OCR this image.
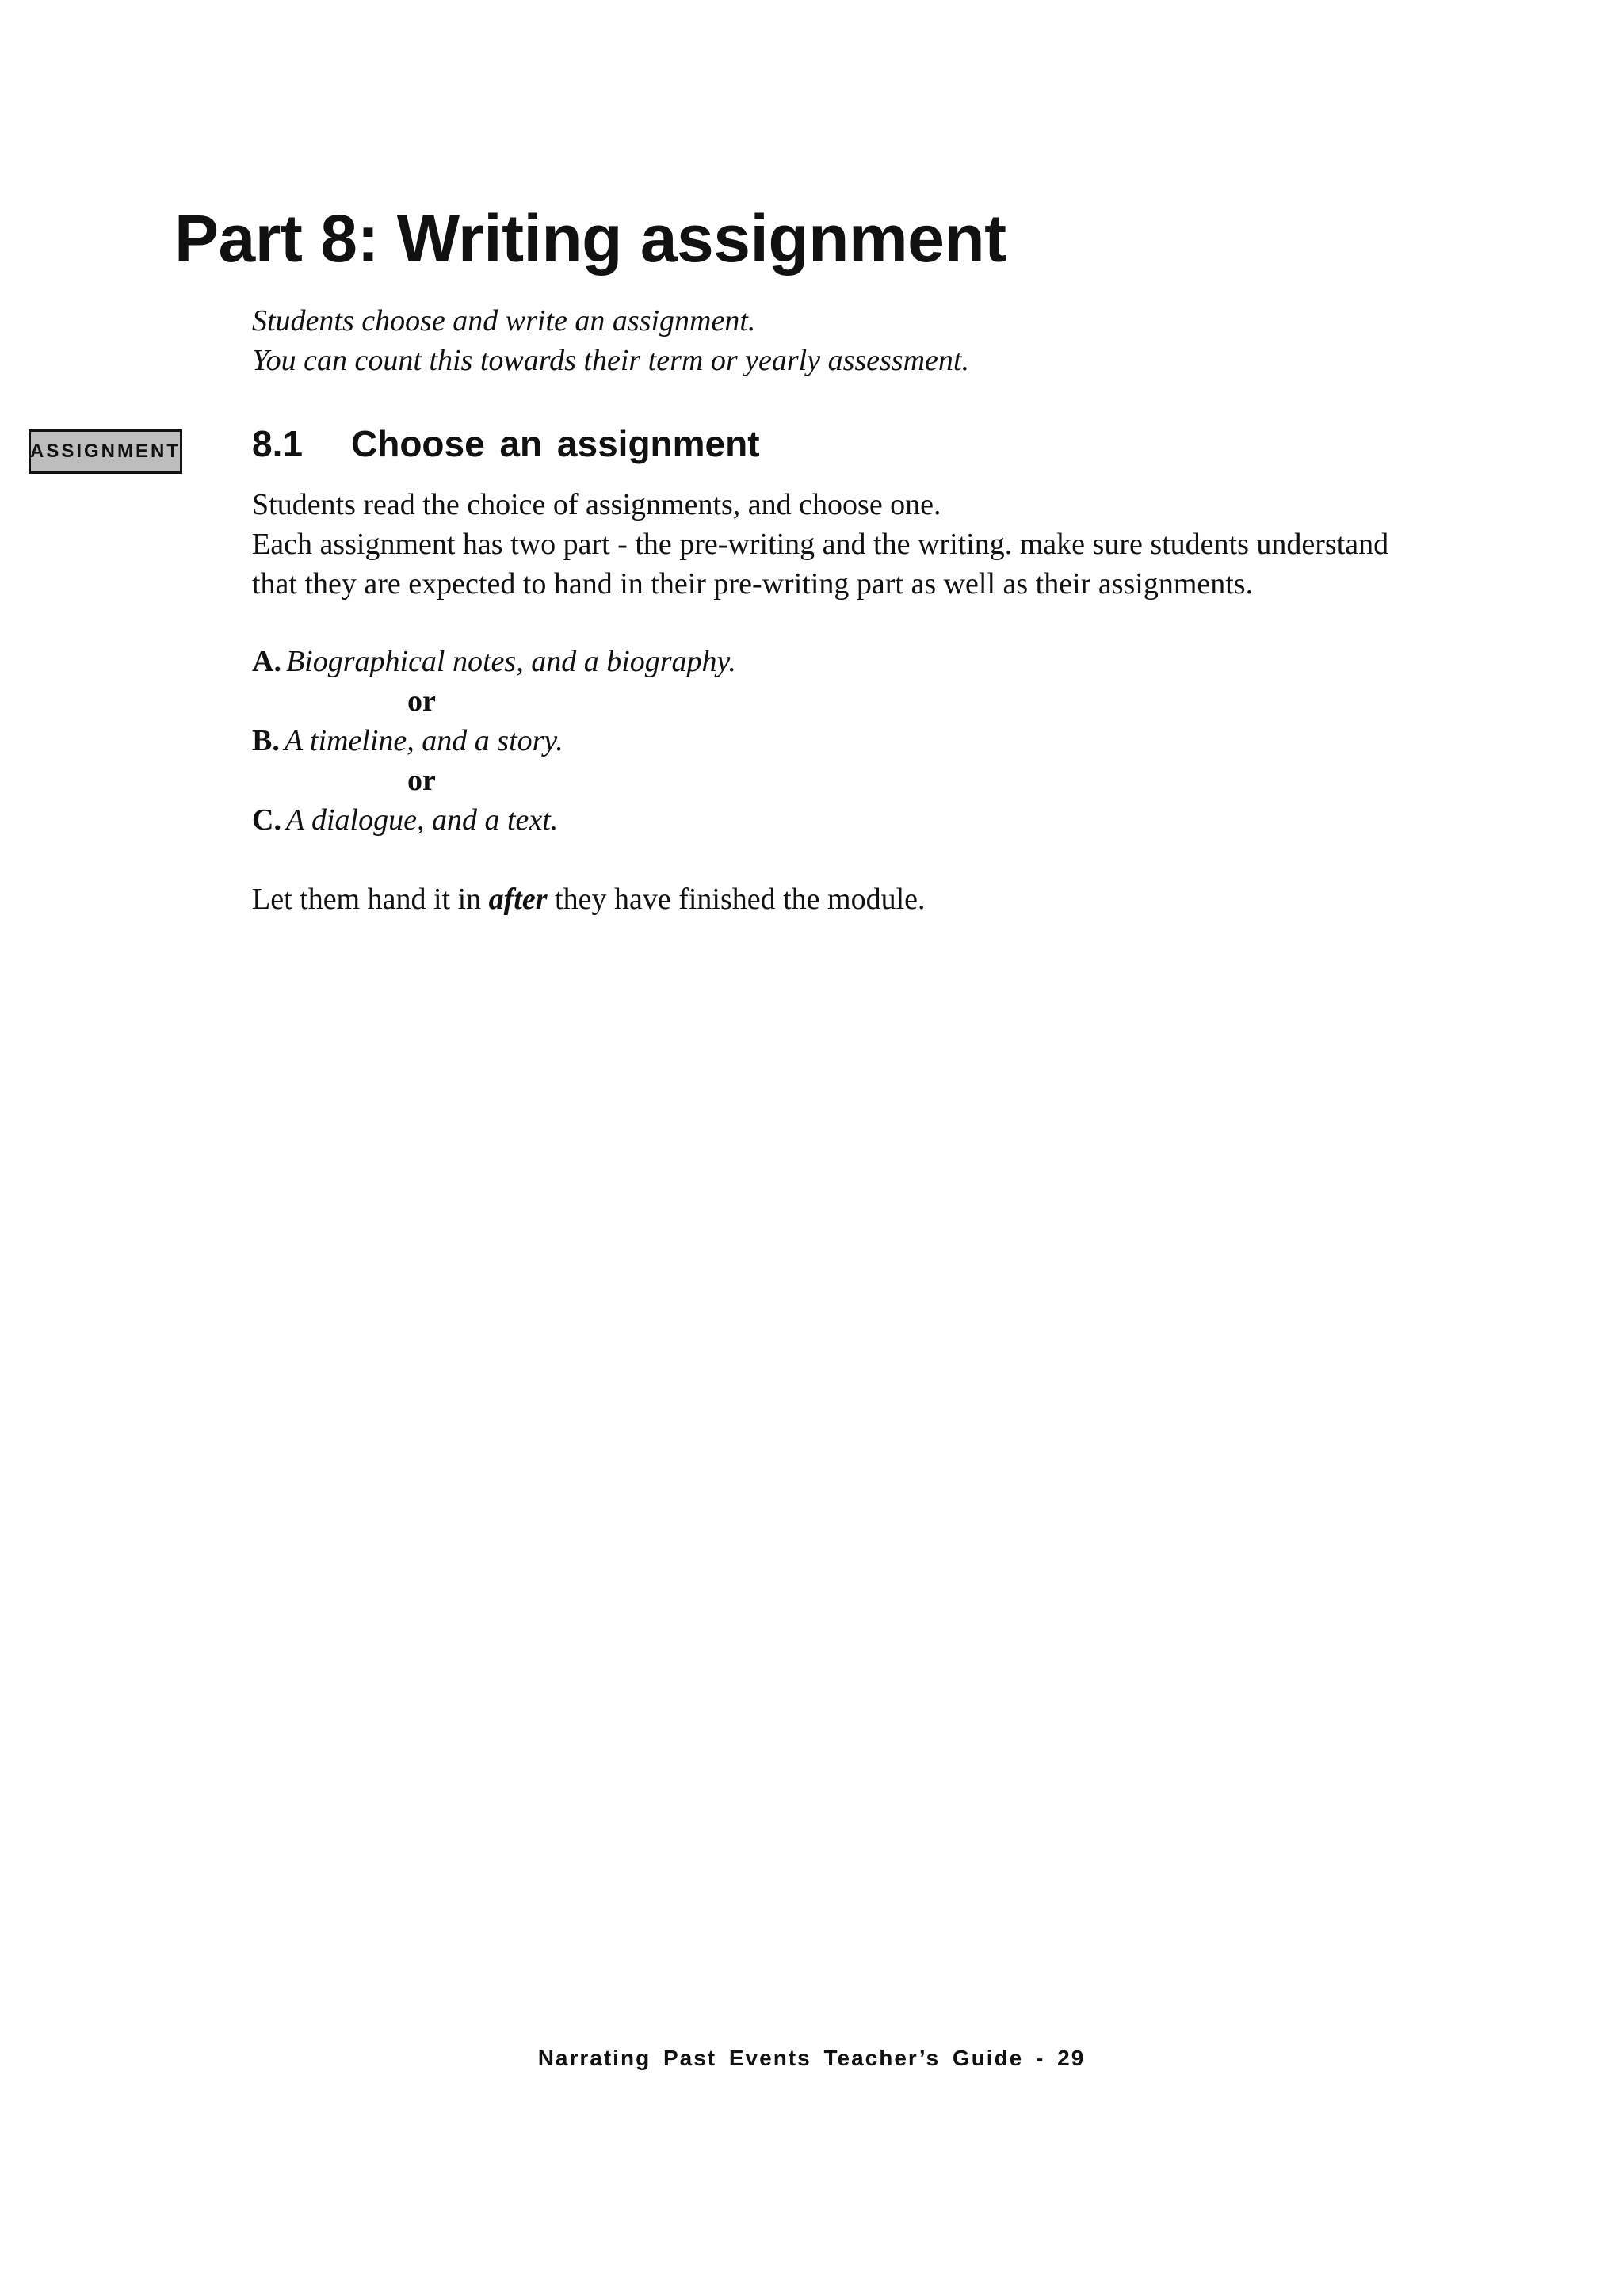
Part 8: Writing assignment

Students choose and write an assignment.
You can count this towards their term or yearly assessment.

ASSIGNMENT 8.1 Choose an assignment

Students read the choice of assignments, and choose one.
Each assignment has two part - the pre-writing and the writing. make sure students understand
that they are expected to hand in their pre-writing part as well as their assignments.

A. Biographical notes, and a biography.
or
B. A timeline, and a story.
or
C. A dialogue, and a text.

Let them hand it in after they have finished the module.

Narrating Past Events Teacher’s Guide - 29
